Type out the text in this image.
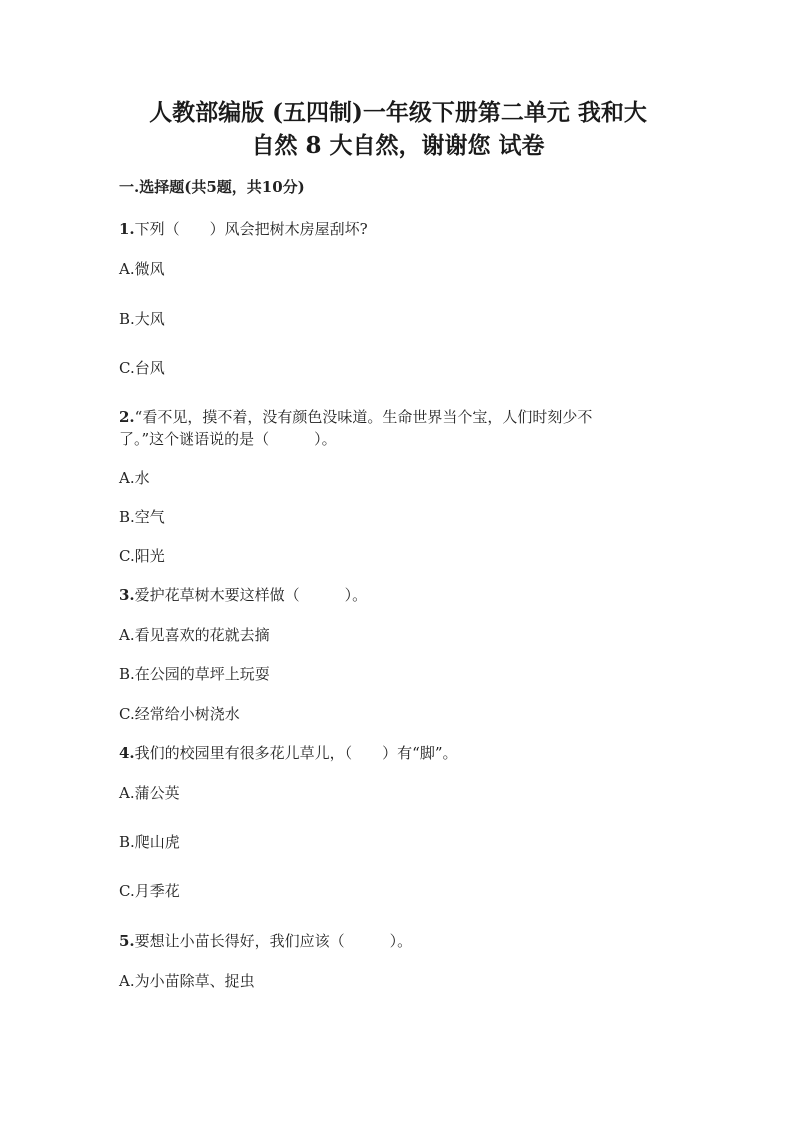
人教部编版 (五四制)一年级下册第二单元 我和大
自然 8 大自然，谢谢您 试卷
一.选择题(共5题，共10分)
1.下列（　　）风会把树木房屋刮坏?
A.微风
B.大风
C.台风
2.“看不见，摸不着，没有颜色没味道。生命世界当个宝，人们时刻少不
了。”这个谜语说的是（　　　）。
A.水
B.空气
C.阳光
3.爱护花草树木要这样做（　　　）。
A.看见喜欢的花就去摘
B.在公园的草坪上玩耍
C.经常给小树浇水
4.我们的校园里有很多花儿草儿，（　　）有“脚”。
A.蒲公英
B.爬山虎
C.月季花
5.要想让小苗长得好，我们应该（　　　）。
A.为小苗除草、捉虫
